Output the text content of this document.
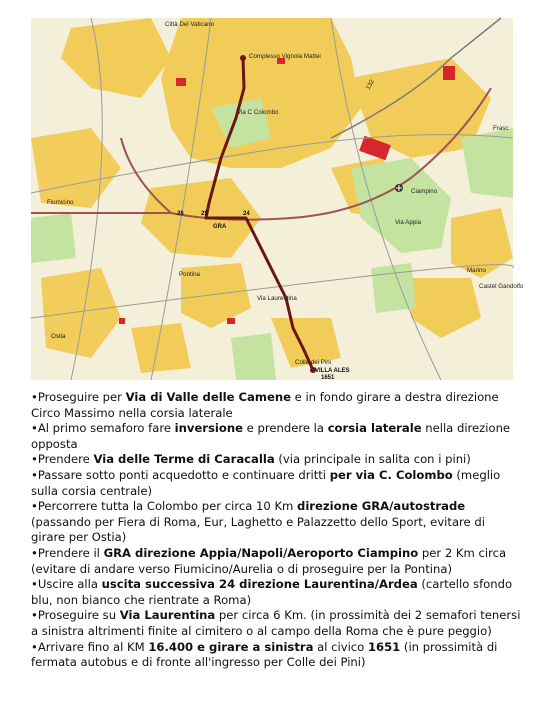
Città Del Vaticano
Complesso Vignola Mattei
Via C Colombo
Fiumicino
Ciampino
Via Appia
Pontina
Via Laurentina
GRA
26	25	24
Ostia
Colle dei Pini
VILLA ALES
1651
Frasc
Marino
Castel Gandolfo
132
•Proseguire per Via di Valle delle Camene e in fondo girare a destra direzione Circo Massimo nella corsia laterale
•Al primo semaforo fare inversione e prendere la corsia laterale nella direzione opposta
•Prendere Via delle Terme di Caracalla (via principale in salita con i pini)
•Passare sotto ponti acquedotto e continuare dritti per via C. Colombo (meglio sulla corsia centrale)
•Percorrere tutta la Colombo per circa 10 Km direzione GRA/autostrade (passando per Fiera di Roma, Eur, Laghetto e Palazzetto dello Sport, evitare di girare per Ostia)
•Prendere il GRA direzione Appia/Napoli/Aeroporto Ciampino per 2 Km circa (evitare di andare verso Fiumicino/Aurelia o di proseguire per la Pontina)
•Uscire alla uscita successiva 24 direzione Laurentina/Ardea (cartello sfondo blu, non bianco che rientrate a Roma)
•Proseguire su Via Laurentina per circa 6 Km. (in prossimità dei 2 semafori tenersi a sinistra altrimenti finite al cimitero o al campo della Roma che è pure peggio)
•Arrivare fino al KM 16.400 e girare a sinistra al civico 1651 (in prossimità di fermata autobus e di fronte all'ingresso per Colle dei Pini)
